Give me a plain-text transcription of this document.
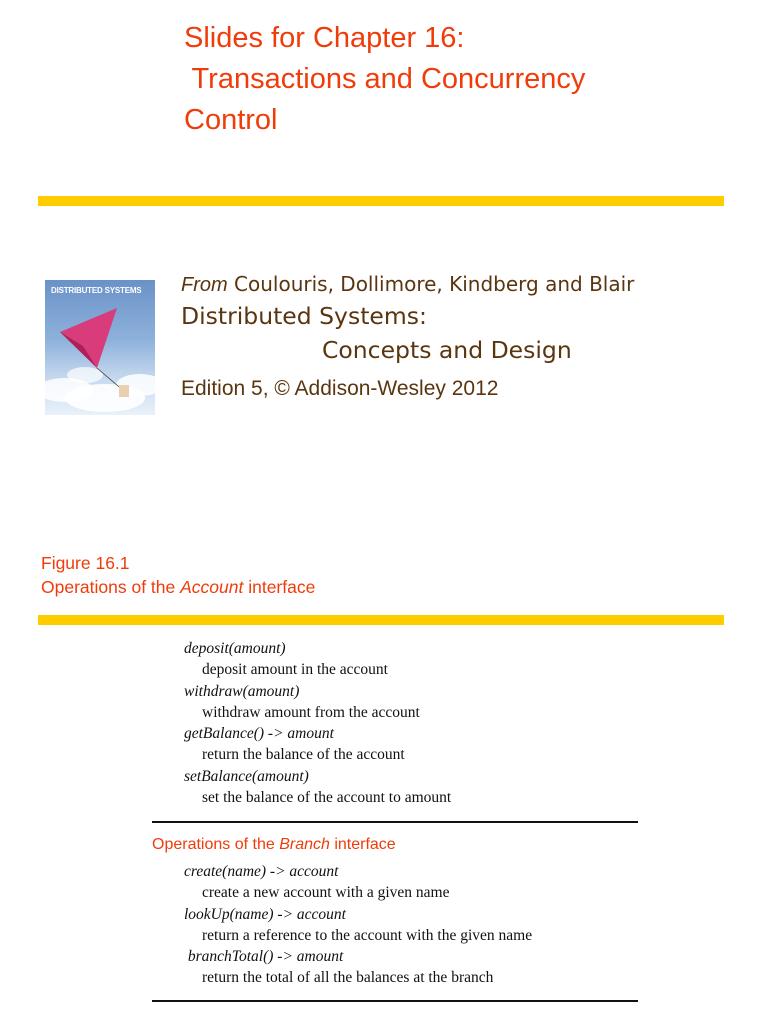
Slides for Chapter 16:
Transactions and Concurrency
Control
DISTRIBUTED SYSTEMS From Coulouris, Dollimore, Kindberg and Blair
Distributed Systems:
Concepts and Design
Edition 5, © Addison-Wesley 2012
Figure 16.1
Operations of the Account interface
deposit(amount)
deposit amount in the account
withdraw(amount)
withdraw amount from the account
getBalance() -> amount
return the balance of the account
setBalance(amount)
set the balance of the account to amount
Operations of the Branch interface
create(name) -> account
create a new account with a given name
lookUp(name) -> account
return a reference to the account with the given name
branchTotal() -> amount
return the total of all the balances at the branch
